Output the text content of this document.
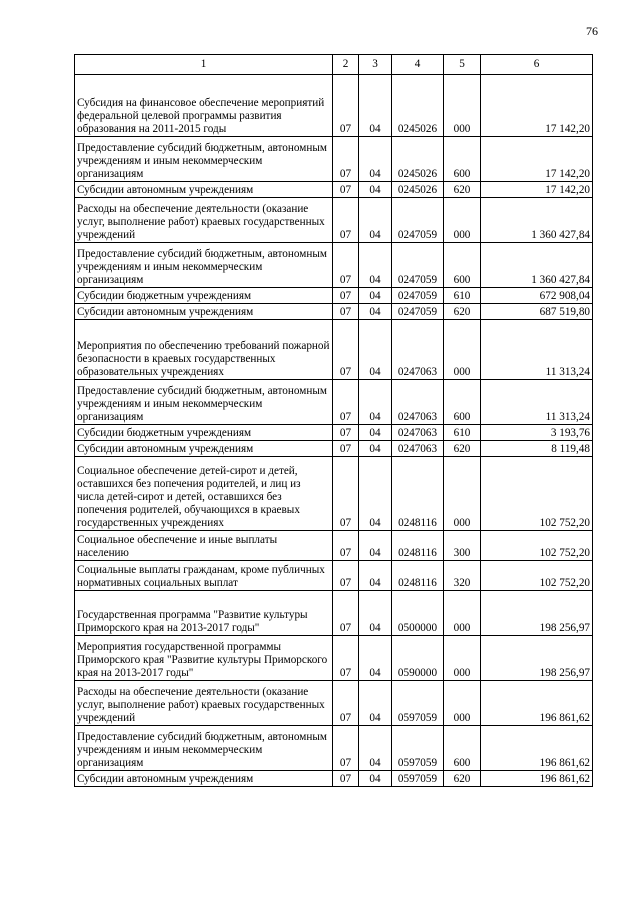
76
1	2	3	4	5	6
Субсидия на финансовое обеспечение мероприятий федеральной целевой программы развития образования на 2011-2015 годы	07	04	0245026	000	17 142,20
Предоставление субсидий бюджетным, автономным учреждениям и иным некоммерческим организациям	07	04	0245026	600	17 142,20
Субсидии автономным учреждениям	07	04	0245026	620	17 142,20
Расходы на обеспечение деятельности (оказание услуг, выполнение работ) краевых государственных учреждений	07	04	0247059	000	1 360 427,84
Предоставление субсидий бюджетным, автономным учреждениям и иным некоммерческим организациям	07	04	0247059	600	1 360 427,84
Субсидии бюджетным учреждениям	07	04	0247059	610	672 908,04
Субсидии автономным учреждениям	07	04	0247059	620	687 519,80
Мероприятия по обеспечению требований пожарной безопасности в краевых государственных образовательных учреждениях	07	04	0247063	000	11 313,24
Предоставление субсидий бюджетным, автономным учреждениям и иным некоммерческим организациям	07	04	0247063	600	11 313,24
Субсидии бюджетным учреждениям	07	04	0247063	610	3 193,76
Субсидии автономным учреждениям	07	04	0247063	620	8 119,48
Социальное обеспечение детей-сирот и детей, оставшихся без попечения родителей, и лиц из числа детей-сирот и детей, оставшихся без попечения родителей, обучающихся в краевых государственных учреждениях	07	04	0248116	000	102 752,20
Социальное обеспечение и иные выплаты населению	07	04	0248116	300	102 752,20
Социальные выплаты гражданам, кроме публичных нормативных социальных выплат	07	04	0248116	320	102 752,20
Государственная программа "Развитие культуры Приморского края на 2013-2017 годы"	07	04	0500000	000	198 256,97
Мероприятия государственной программы Приморского края "Развитие культуры Приморского края на 2013-2017 годы"	07	04	0590000	000	198 256,97
Расходы на обеспечение деятельности (оказание услуг, выполнение работ) краевых государственных учреждений	07	04	0597059	000	196 861,62
Предоставление субсидий бюджетным, автономным учреждениям и иным некоммерческим организациям	07	04	0597059	600	196 861,62
Субсидии автономным учреждениям	07	04	0597059	620	196 861,62
